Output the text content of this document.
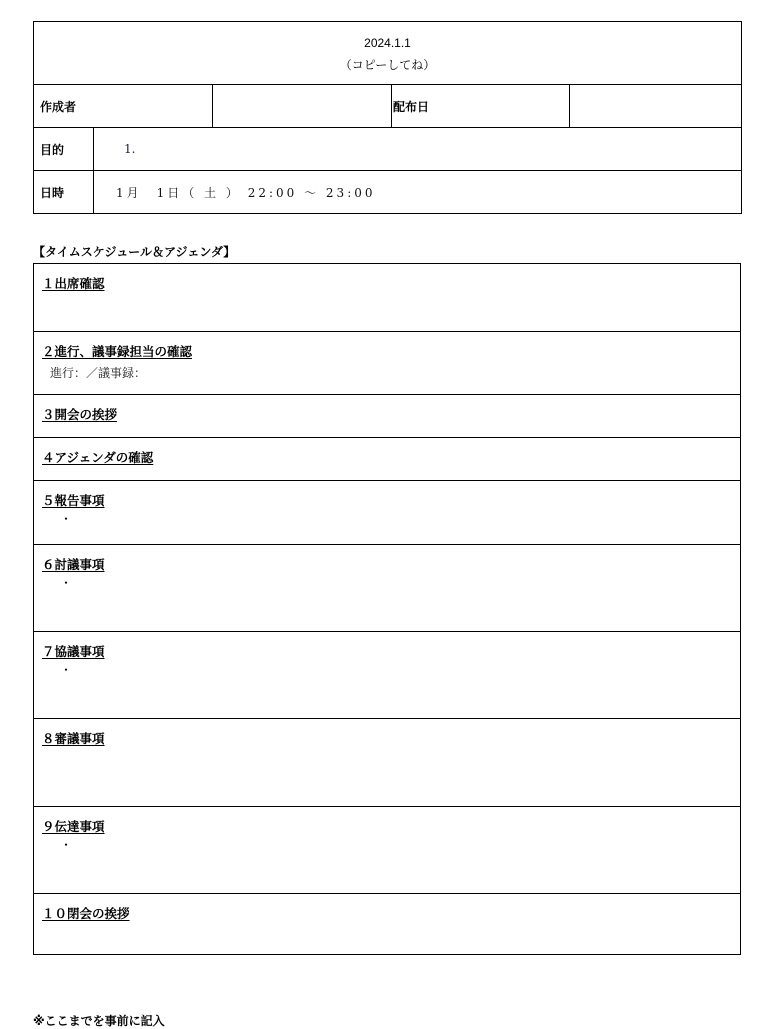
2024.1.1
（コピーしてね）				

作成者			配布日	
目的	1.			
日時	1月　1日（ 土 ） 22:00 ～ 23:00			
【タイムスケジュール＆アジェンダ】
１出席確認
２進行、議事録担当の確認
進行：／議事録：
３開会の挨拶
４アジェンダの確認
５報告事項
・
６討議事項
・
７協議事項
・
８審議事項
９伝達事項
・
１０閉会の挨拶
※ここまでを事前に記入
